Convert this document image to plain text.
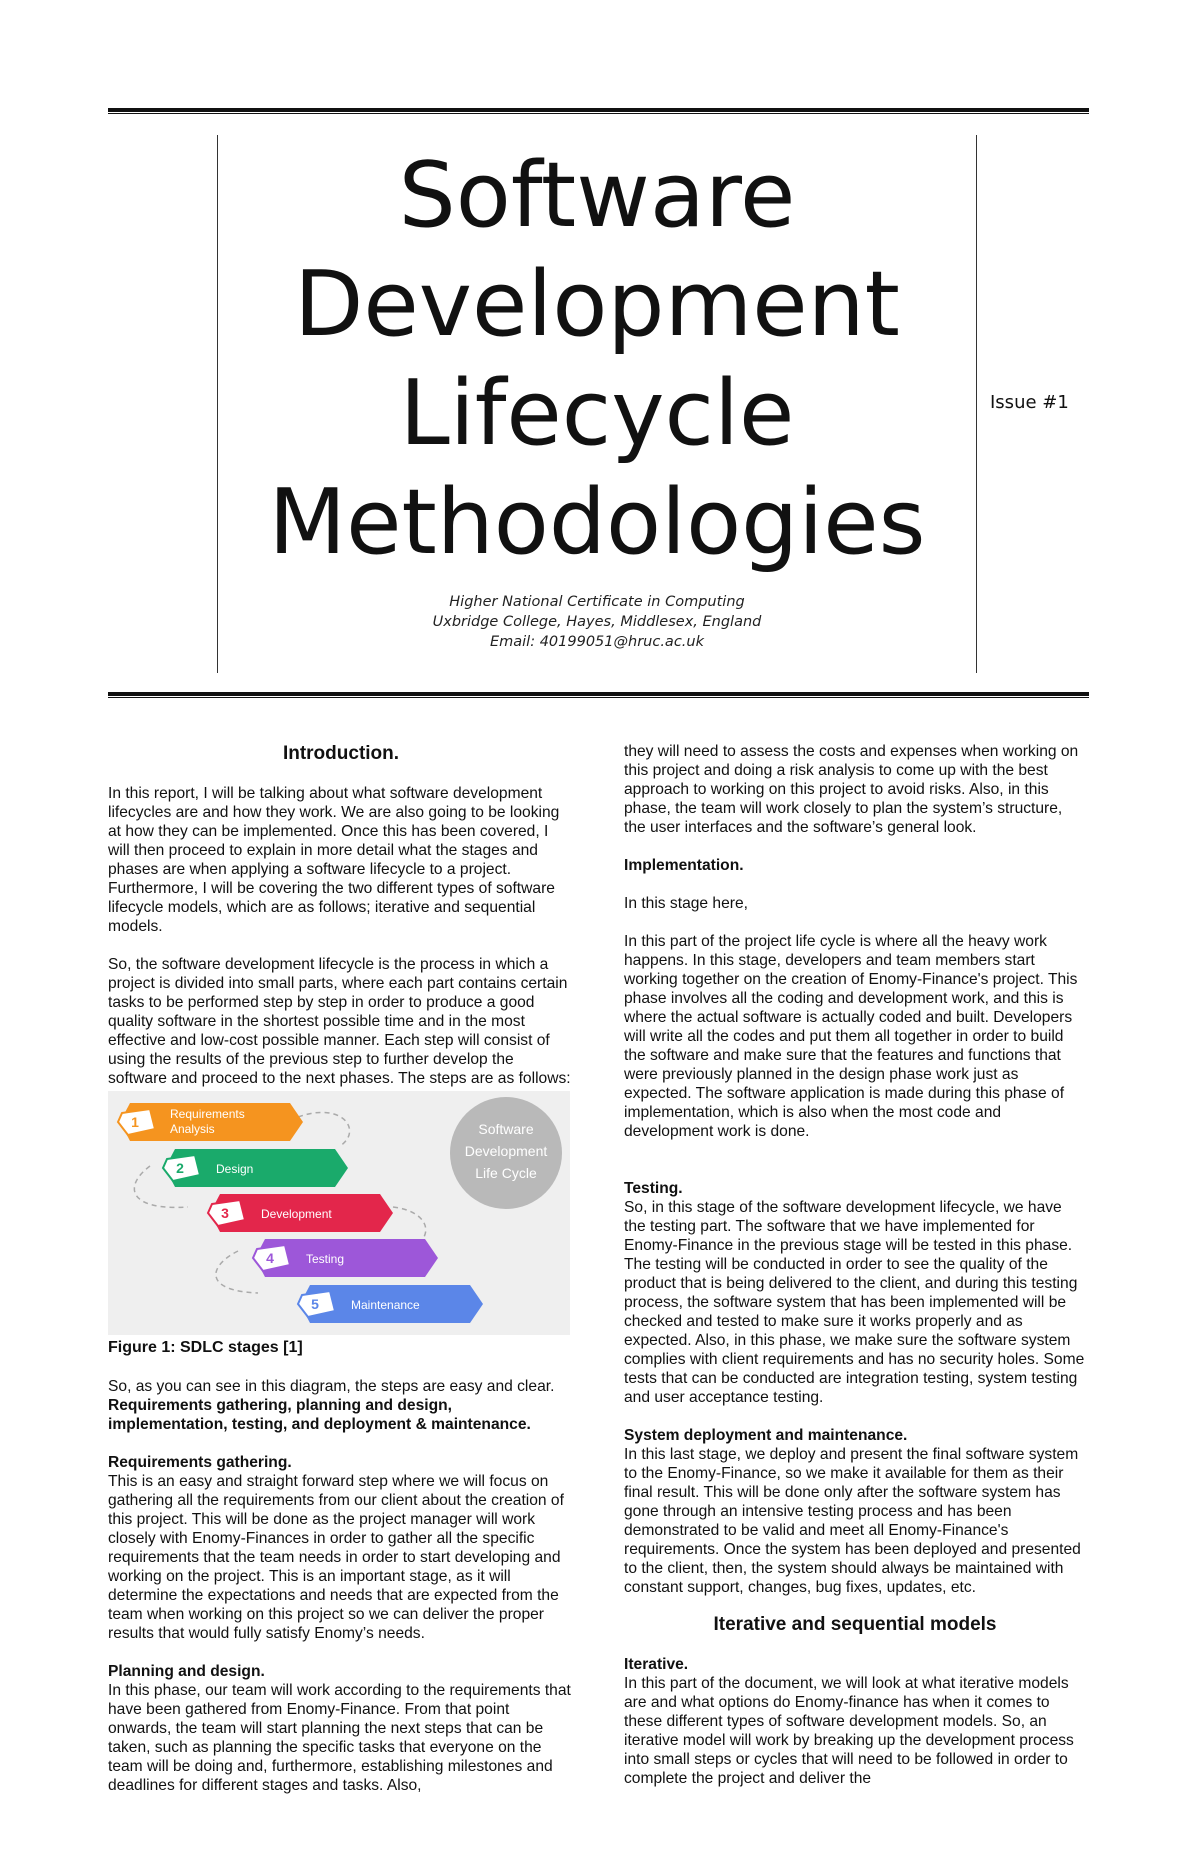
Software
Development
Lifecycle
Methodologies
Higher National Certificate in Computing
Uxbridge College, Hayes, Middlesex, England
Email: 40199051@hruc.ac.uk
Issue #1
Introduction.

In this report, I will be talking about what software development lifecycles are and how they work. We are also going to be looking at how they can be implemented. Once this has been covered, I will then proceed to explain in more detail what the stages and phases are when applying a software lifecycle to a project. Furthermore, I will be covering the two different types of software lifecycle models, which are as follows; iterative and sequential models.

So, the software development lifecycle is the process in which a project is divided into small parts, where each part contains certain tasks to be performed step by step in order to produce a good quality software in the shortest possible time and in the most effective and low-cost possible manner. Each step will consist of using the results of the previous step to further develop the software and proceed to the next phases. The steps are as follows:

1	Requirements
Analysis
2	Design
3	Development
4	Testing
5	Maintenance
Software
Development
Life Cycle
Figure 1: SDLC stages [1]

So, as you can see in this diagram, the steps are easy and clear. Requirements gathering, planning and design, implementation, testing, and deployment & maintenance.

Requirements gathering.

This is an easy and straight forward step where we will focus on gathering all the requirements from our client about the creation of this project. This will be done as the project manager will work closely with Enomy-Finances in order to gather all the specific requirements that the team needs in order to start developing and working on the project. This is an important stage, as it will determine the expectations and needs that are expected from the team when working on this project so we can deliver the proper results that would fully satisfy Enomy’s needs.

Planning and design.

In this phase, our team will work according to the requirements that have been gathered from Enomy-Finance. From that point onwards, the team will start planning the next steps that can be taken, such as planning the specific tasks that everyone on the team will be doing and, furthermore, establishing milestones and deadlines for different stages and tasks. Also,

they will need to assess the costs and expenses when working on this project and doing a risk analysis to come up with the best approach to working on this project to avoid risks. Also, in this phase, the team will work closely to plan the system’s structure, the user interfaces and the software’s general look.

Implementation.

In this stage here,

In this part of the project life cycle is where all the heavy work happens. In this stage, developers and team members start working together on the creation of Enomy-Finance's project. This phase involves all the coding and development work, and this is where the actual software is actually coded and built. Developers will write all the codes and put them all together in order to build the software and make sure that the features and functions that were previously planned in the design phase work just as expected. The software application is made during this phase of implementation, which is also when the most code and development work is done.

Testing.

So, in this stage of the software development lifecycle, we have the testing part. The software that we have implemented for Enomy-Finance in the previous stage will be tested in this phase. The testing will be conducted in order to see the quality of the product that is being delivered to the client, and during this testing process, the software system that has been implemented will be checked and tested to make sure it works properly and as expected. Also, in this phase, we make sure the software system complies with client requirements and has no security holes. Some tests that can be conducted are integration testing, system testing and user acceptance testing.

System deployment and maintenance.

In this last stage, we deploy and present the final software system to the Enomy-Finance, so we make it available for them as their final result. This will be done only after the software system has gone through an intensive testing process and has been demonstrated to be valid and meet all Enomy-Finance's requirements. Once the system has been deployed and presented to the client, then, the system should always be maintained with constant support, changes, bug fixes, updates, etc.

Iterative and sequential models

Iterative.

In this part of the document, we will look at what iterative models are and what options do Enomy-finance has when it comes to these different types of software development models. So, an iterative model will work by breaking up the development process into small steps or cycles that will need to be followed in order to complete the project and deliver the
